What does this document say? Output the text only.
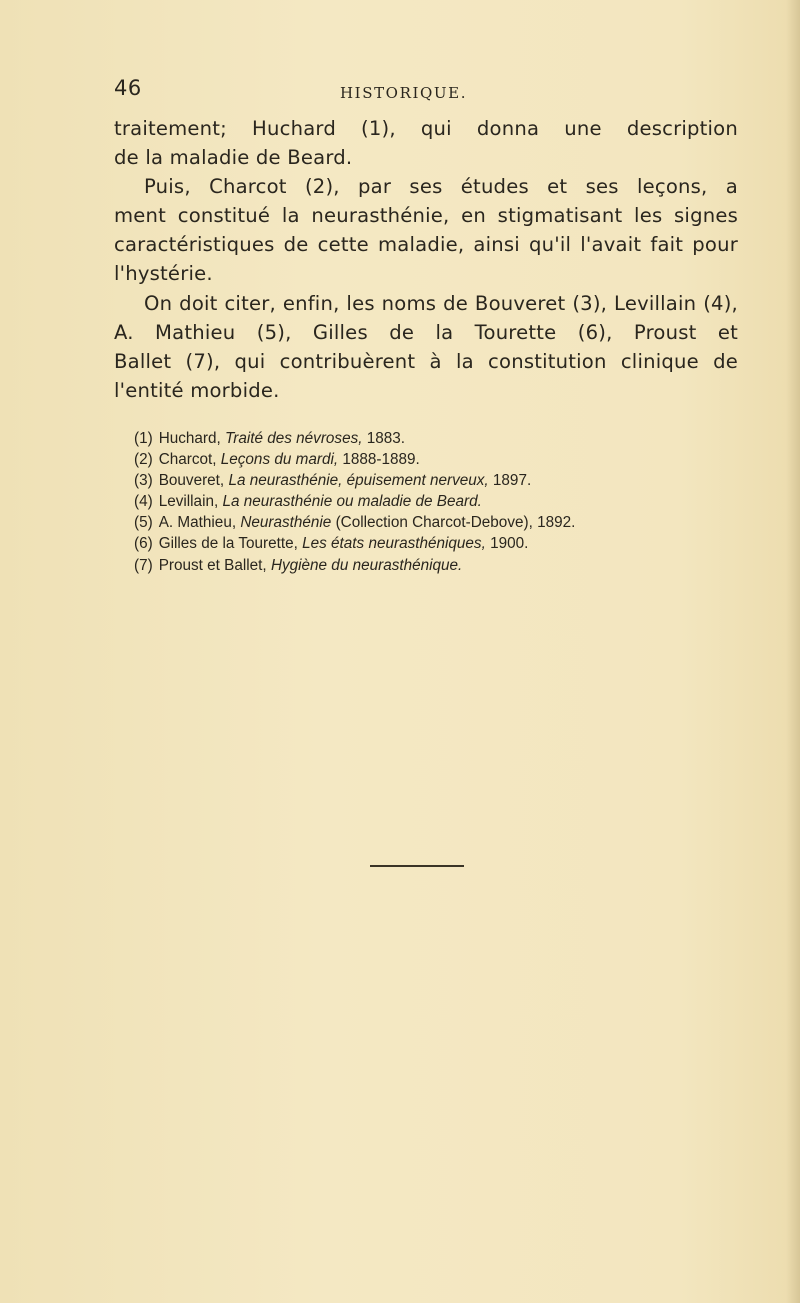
46	HISTORIQUE.
traitement; Huchard (1), qui donna une description
de la maladie de Beard.
Puis, Charcot (2), par ses études et ses leçons, a
ment constitué la neurasthénie, en stigmatisant les signes
caractéristiques de cette maladie, ainsi qu'il l'avait fait pour
l'hystérie.
On doit citer, enfin, les noms de Bouveret (3), Levillain (4),
A. Mathieu (5), Gilles de la Tourette (6), Proust et
Ballet (7), qui contribuèrent à la constitution clinique de
l'entité morbide.
(1) Huchard, Traité des névroses, 1883.
(2) Charcot, Leçons du mardi, 1888-1889.
(3) Bouveret, La neurasthénie, épuisement nerveux, 1897.
(4) Levillain, La neurasthénie ou maladie de Beard.
(5) A. Mathieu, Neurasthénie (Collection Charcot-Debove), 1892.
(6) Gilles de la Tourette, Les états neurasthéniques, 1900.
(7) Proust et Ballet, Hygiène du neurasthénique.
